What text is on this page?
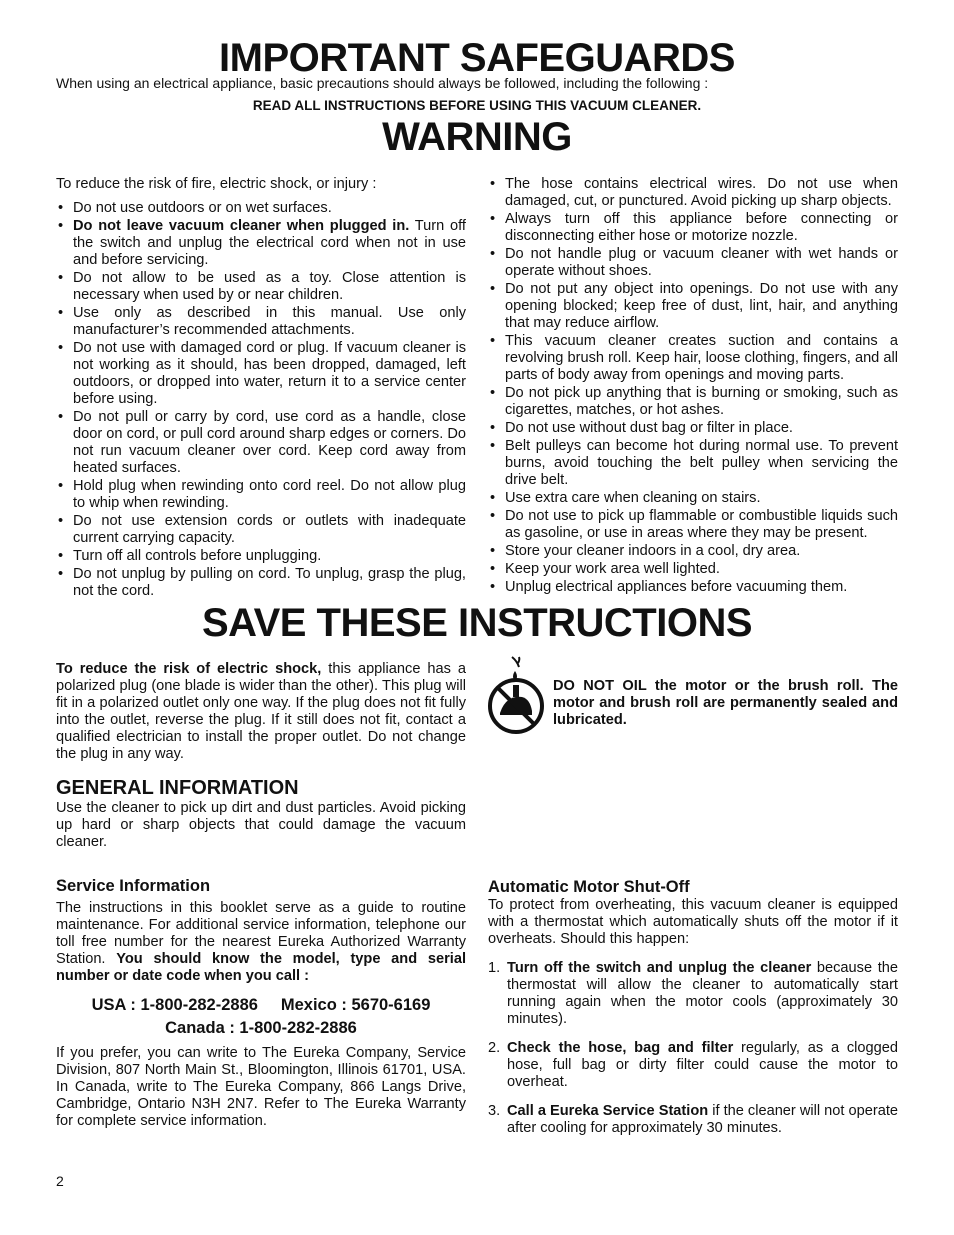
IMPORTANT SAFEGUARDS
When using an electrical appliance, basic precautions should always be followed, including the following :
READ ALL INSTRUCTIONS BEFORE USING THIS VACUUM CLEANER.
WARNING

To reduce the risk of fire, electric shock, or injury :

• Do not use outdoors or on wet surfaces.
• Do not leave vacuum cleaner when plugged in. Turn off the switch and unplug the electrical cord when not in use and before servicing.
• Do not allow to be used as a toy. Close attention is necessary when used by or near children.
• Use only as described in this manual. Use only manufacturer’s recommended attachments.
• Do not use with damaged cord or plug. If vacuum cleaner is not working as it should, has been dropped, damaged, left outdoors, or dropped into water, return it to a service center before using.
• Do not pull or carry by cord, use cord as a handle, close door on cord, or pull cord around sharp edges or corners. Do not run vacuum cleaner over cord. Keep cord away from heated surfaces.
• Hold plug when rewinding onto cord reel. Do not allow plug to whip when rewinding.
• Do not use extension cords or outlets with inadequate current carrying capacity.
• Turn off all controls before unplugging.
• Do not unplug by pulling on cord. To unplug, grasp the plug, not the cord.
• The hose contains electrical wires. Do not use when damaged, cut, or punctured. Avoid picking up sharp objects.
• Always turn off this appliance before connecting or disconnecting either hose or motorize nozzle.
• Do not handle plug or vacuum cleaner with wet hands or operate without shoes.
• Do not put any object into openings. Do not use with any opening blocked; keep free of dust, lint, hair, and anything that may reduce airflow.
• This vacuum cleaner creates suction and contains a revolving brush roll. Keep hair, loose clothing, fingers, and all parts of body away from openings and moving parts.
• Do not pick up anything that is burning or smoking, such as cigarettes, matches, or hot ashes.
• Do not use without dust bag or filter in place.
• Belt pulleys can become hot during normal use. To prevent burns, avoid touching the belt pulley when servicing the drive belt.
• Use extra care when cleaning on stairs.
• Do not use to pick up flammable or combustible liquids such as gasoline, or use in areas where they may be present.
• Store your cleaner indoors in a cool, dry area.
• Keep your work area well lighted.
• Unplug electrical appliances before vacuuming them.
SAVE THESE INSTRUCTIONS
To reduce the risk of electric shock, this appliance has a polarized plug (one blade is wider than the other). This plug will fit in a polarized outlet only one way. If the plug does not fit fully into the outlet, reverse the plug. If it still does not fit, contact a qualified electrician to install the proper outlet. Do not change the plug in any way.
DO NOT OIL the motor or the brush roll. The motor and brush roll are permanently sealed and lubricated.
GENERAL INFORMATION

Use the cleaner to pick up dirt and dust particles. Avoid picking up hard or sharp objects that could damage the vacuum cleaner.

Service Information

The instructions in this booklet serve as a guide to routine maintenance. For additional service information, telephone our toll free number for the nearest Eureka Authorized Warranty Station. You should know the model, type and serial number or date code when you call :

USA : 1-800-282-2886 Mexico : 5670-6169
Canada : 1-800-282-2886

If you prefer, you can write to The Eureka Company, Service Division, 807 North Main St., Bloomington, Illinois 61701, USA. In Canada, write to The Eureka Company, 866 Langs Drive, Cambridge, Ontario N3H 2N7. Refer to The Eureka Warranty for complete service information.

Automatic Motor Shut-Off

To protect from overheating, this vacuum cleaner is equipped with a thermostat which automatically shuts off the motor if it overheats. Should this happen:

1. Turn off the switch and unplug the cleaner because the thermostat will allow the cleaner to automatically start running again when the motor cools (approximately 30 minutes).
2. Check the hose, bag and filter regularly, as a clogged hose, full bag or dirty filter could cause the motor to overheat.
3. Call a Eureka Service Station if the cleaner will not operate after cooling for approximately 30 minutes.
2
